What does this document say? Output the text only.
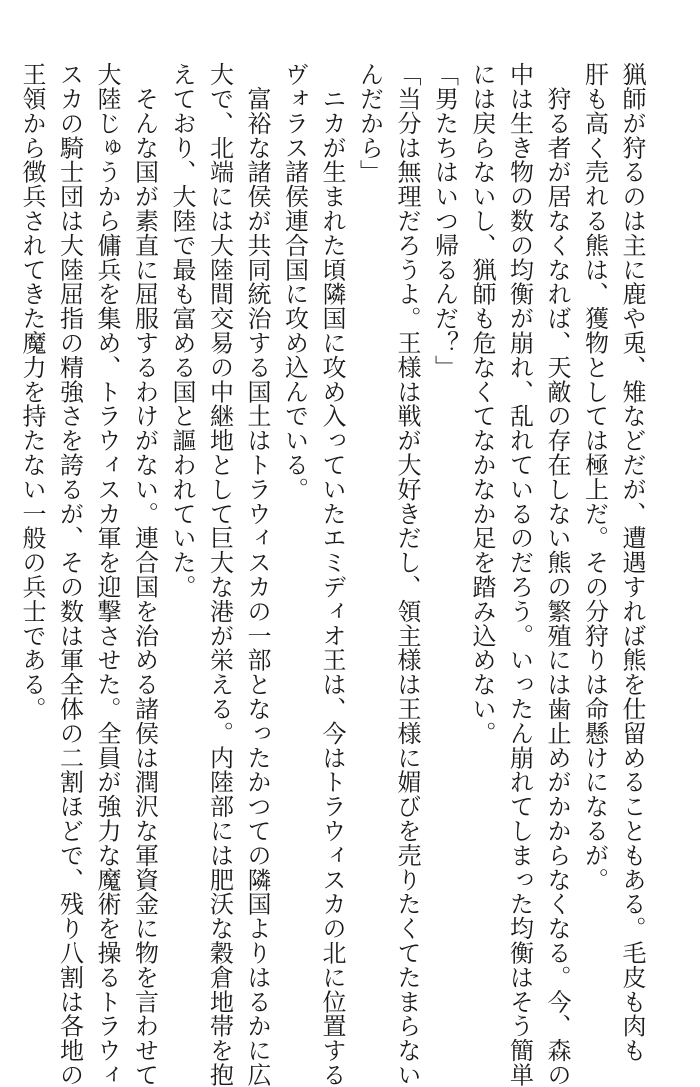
猟師が狩るのは主に鹿や兎、雉などだが、遭遇すれば熊を仕留めることもある。毛皮も肉も
肝も高く売れる熊は、獲物としては極上だ。その分狩りは命懸けになるが。
　狩る者が居なくなれば、天敵の存在しない熊の繁殖には歯止めがかからなくなる。今、森の
中は生き物の数の均衡が崩れ、乱れているのだろう。いったん崩れてしまった均衡はそう簡単
には戻らないし、猟師も危なくてなかなか足を踏み込めない。
「男たちはいつ帰るんだ？」
「当分は無理だろうよ。王様は戦が大好きだし、領主様は王様に媚びを売りたくてたまらない
んだから」
　ニカが生まれた頃隣国に攻め入っていたエミディオ王は、今はトラウィスカの北に位置する
ヴォラス諸侯連合国に攻め込んでいる。
　富裕な諸侯が共同統治する国土はトラウィスカの一部となったかつての隣国よりはるかに広
大で、北端には大陸間交易の中継地として巨大な港が栄える。内陸部には肥沃な穀倉地帯を抱
えており、大陸で最も富める国と謳われていた。
　そんな国が素直に屈服するわけがない。連合国を治める諸侯は潤沢な軍資金に物を言わせて
大陸じゅうから傭兵を集め、トラウィスカ軍を迎撃させた。全員が強力な魔術を操るトラウィ
スカの騎士団は大陸屈指の精強さを誇るが、その数は軍全体の二割ほどで、残り八割は各地の
王領から徴兵されてきた魔力を持たない一般の兵士である。
